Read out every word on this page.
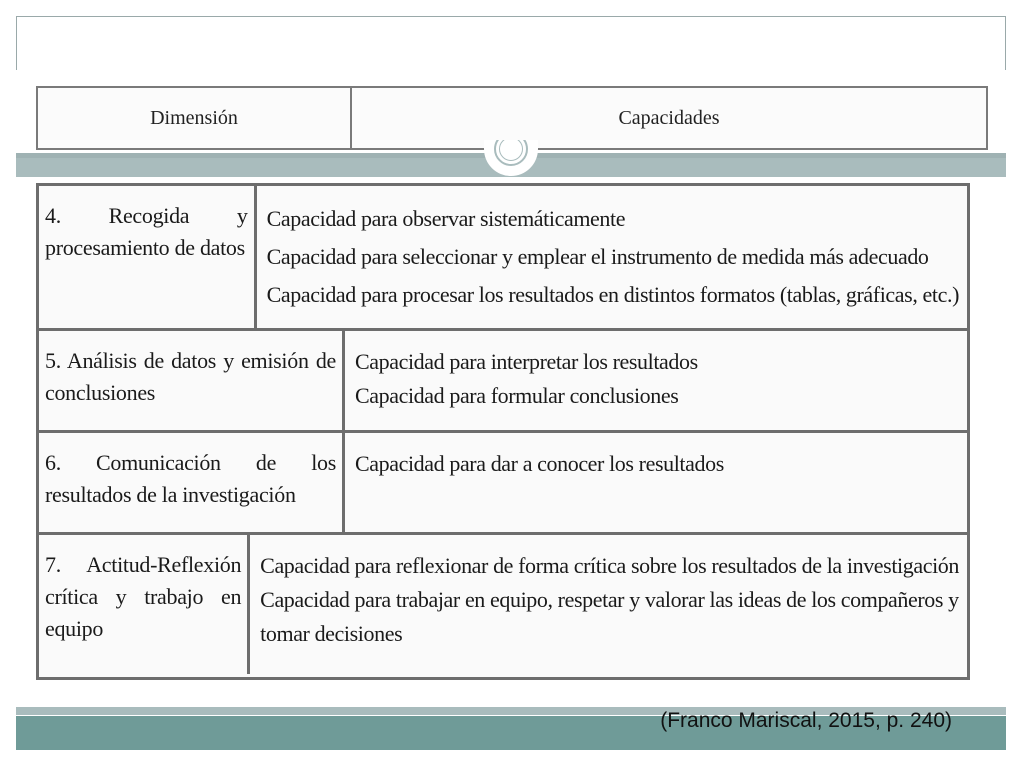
Dimensión	Capacidades
4. Recogida y procesamiento de datos
Capacidad para observar sistemáticamente
Capacidad para seleccionar y emplear el instrumento de medida más adecuado
Capacidad para procesar los resultados en distintos formatos (tablas, gráficas, etc.)
5. Análisis de datos y emisión de conclusiones
Capacidad para interpretar los resultados
Capacidad para formular conclusiones
6. Comunicación de los resultados de la investigación
Capacidad para dar a conocer los resultados
7. Actitud-Reflexión crítica y trabajo en equipo
Capacidad para reflexionar de forma crítica sobre los resultados de la investigación
Capacidad para trabajar en equipo, respetar y valorar las ideas de los compañeros y tomar decisiones
(Franco Mariscal, 2015, p. 240)
